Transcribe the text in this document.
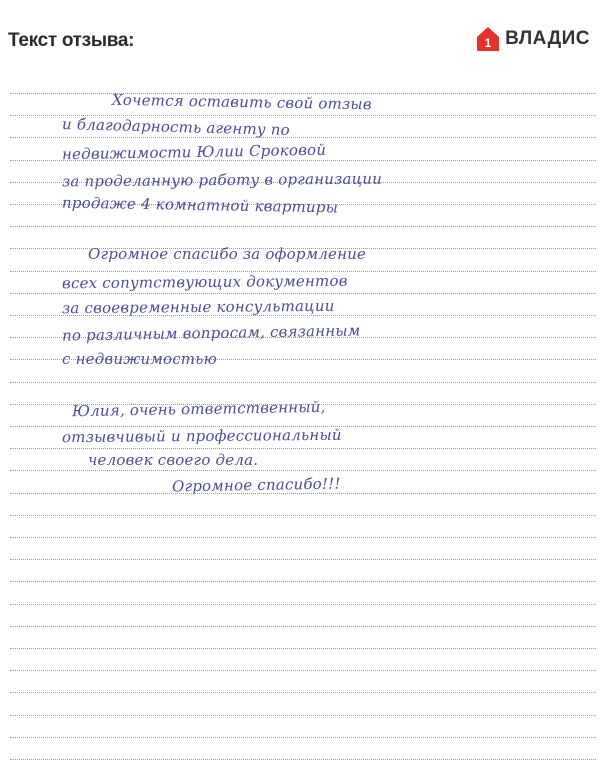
Текст отзыва:	1 ВЛАДИС
Хочется оставить свой отзыв
и благодарность агенту по
недвижимости Юлии Сроковой
за проделанную работу в организации
продаже 4 комнатной квартиры
Огромное спасибо за оформление
всех сопутствующих документов
за своевременные консультации
по различным вопросам, связанным
с недвижимостью
Юлия, очень ответственный,
отзывчивый и профессиональный
человек своего дела.
Огромное спасибо!!!
